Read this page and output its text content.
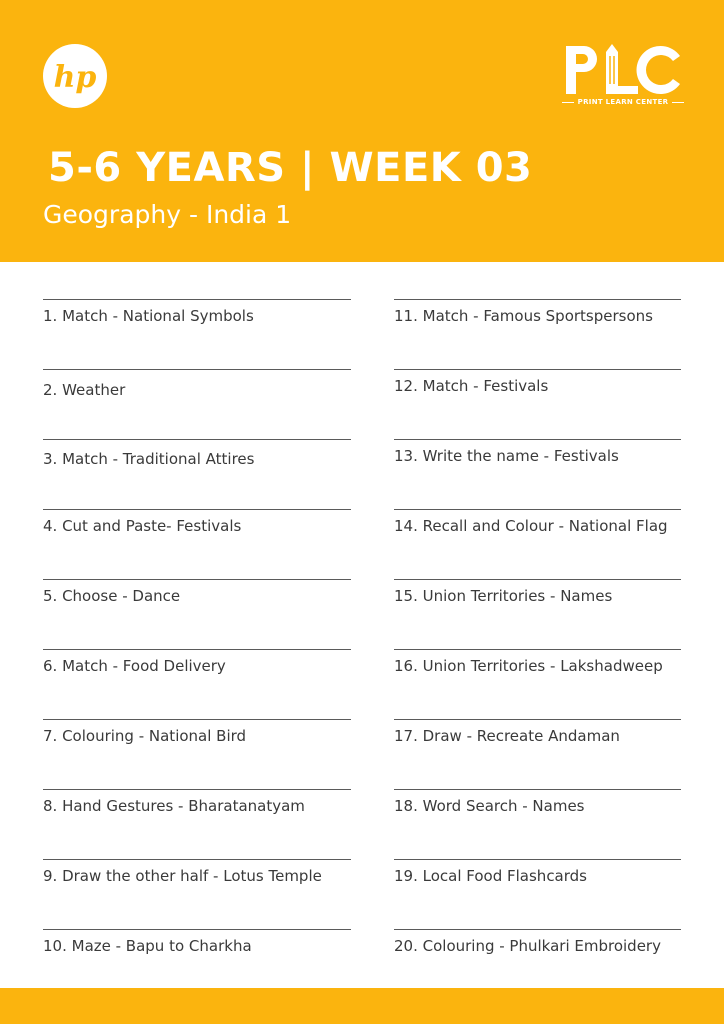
hp
PRINT LEARN CENTER
5-6 YEARS | WEEK 03
Geography - India 1
1. Match - National Symbols
2. Weather
3. Match - Traditional Attires
4. Cut and Paste- Festivals
5. Choose - Dance
6. Match - Food Delivery
7. Colouring - National Bird
8. Hand Gestures - Bharatanatyam
9. Draw the other half - Lotus Temple
10. Maze - Bapu to Charkha
11. Match - Famous Sportspersons
12. Match - Festivals
13. Write the name - Festivals
14. Recall and Colour - National Flag
15. Union Territories - Names
16. Union Territories - Lakshadweep
17. Draw - Recreate Andaman
18. Word Search - Names
19. Local Food Flashcards
20. Colouring - Phulkari Embroidery
